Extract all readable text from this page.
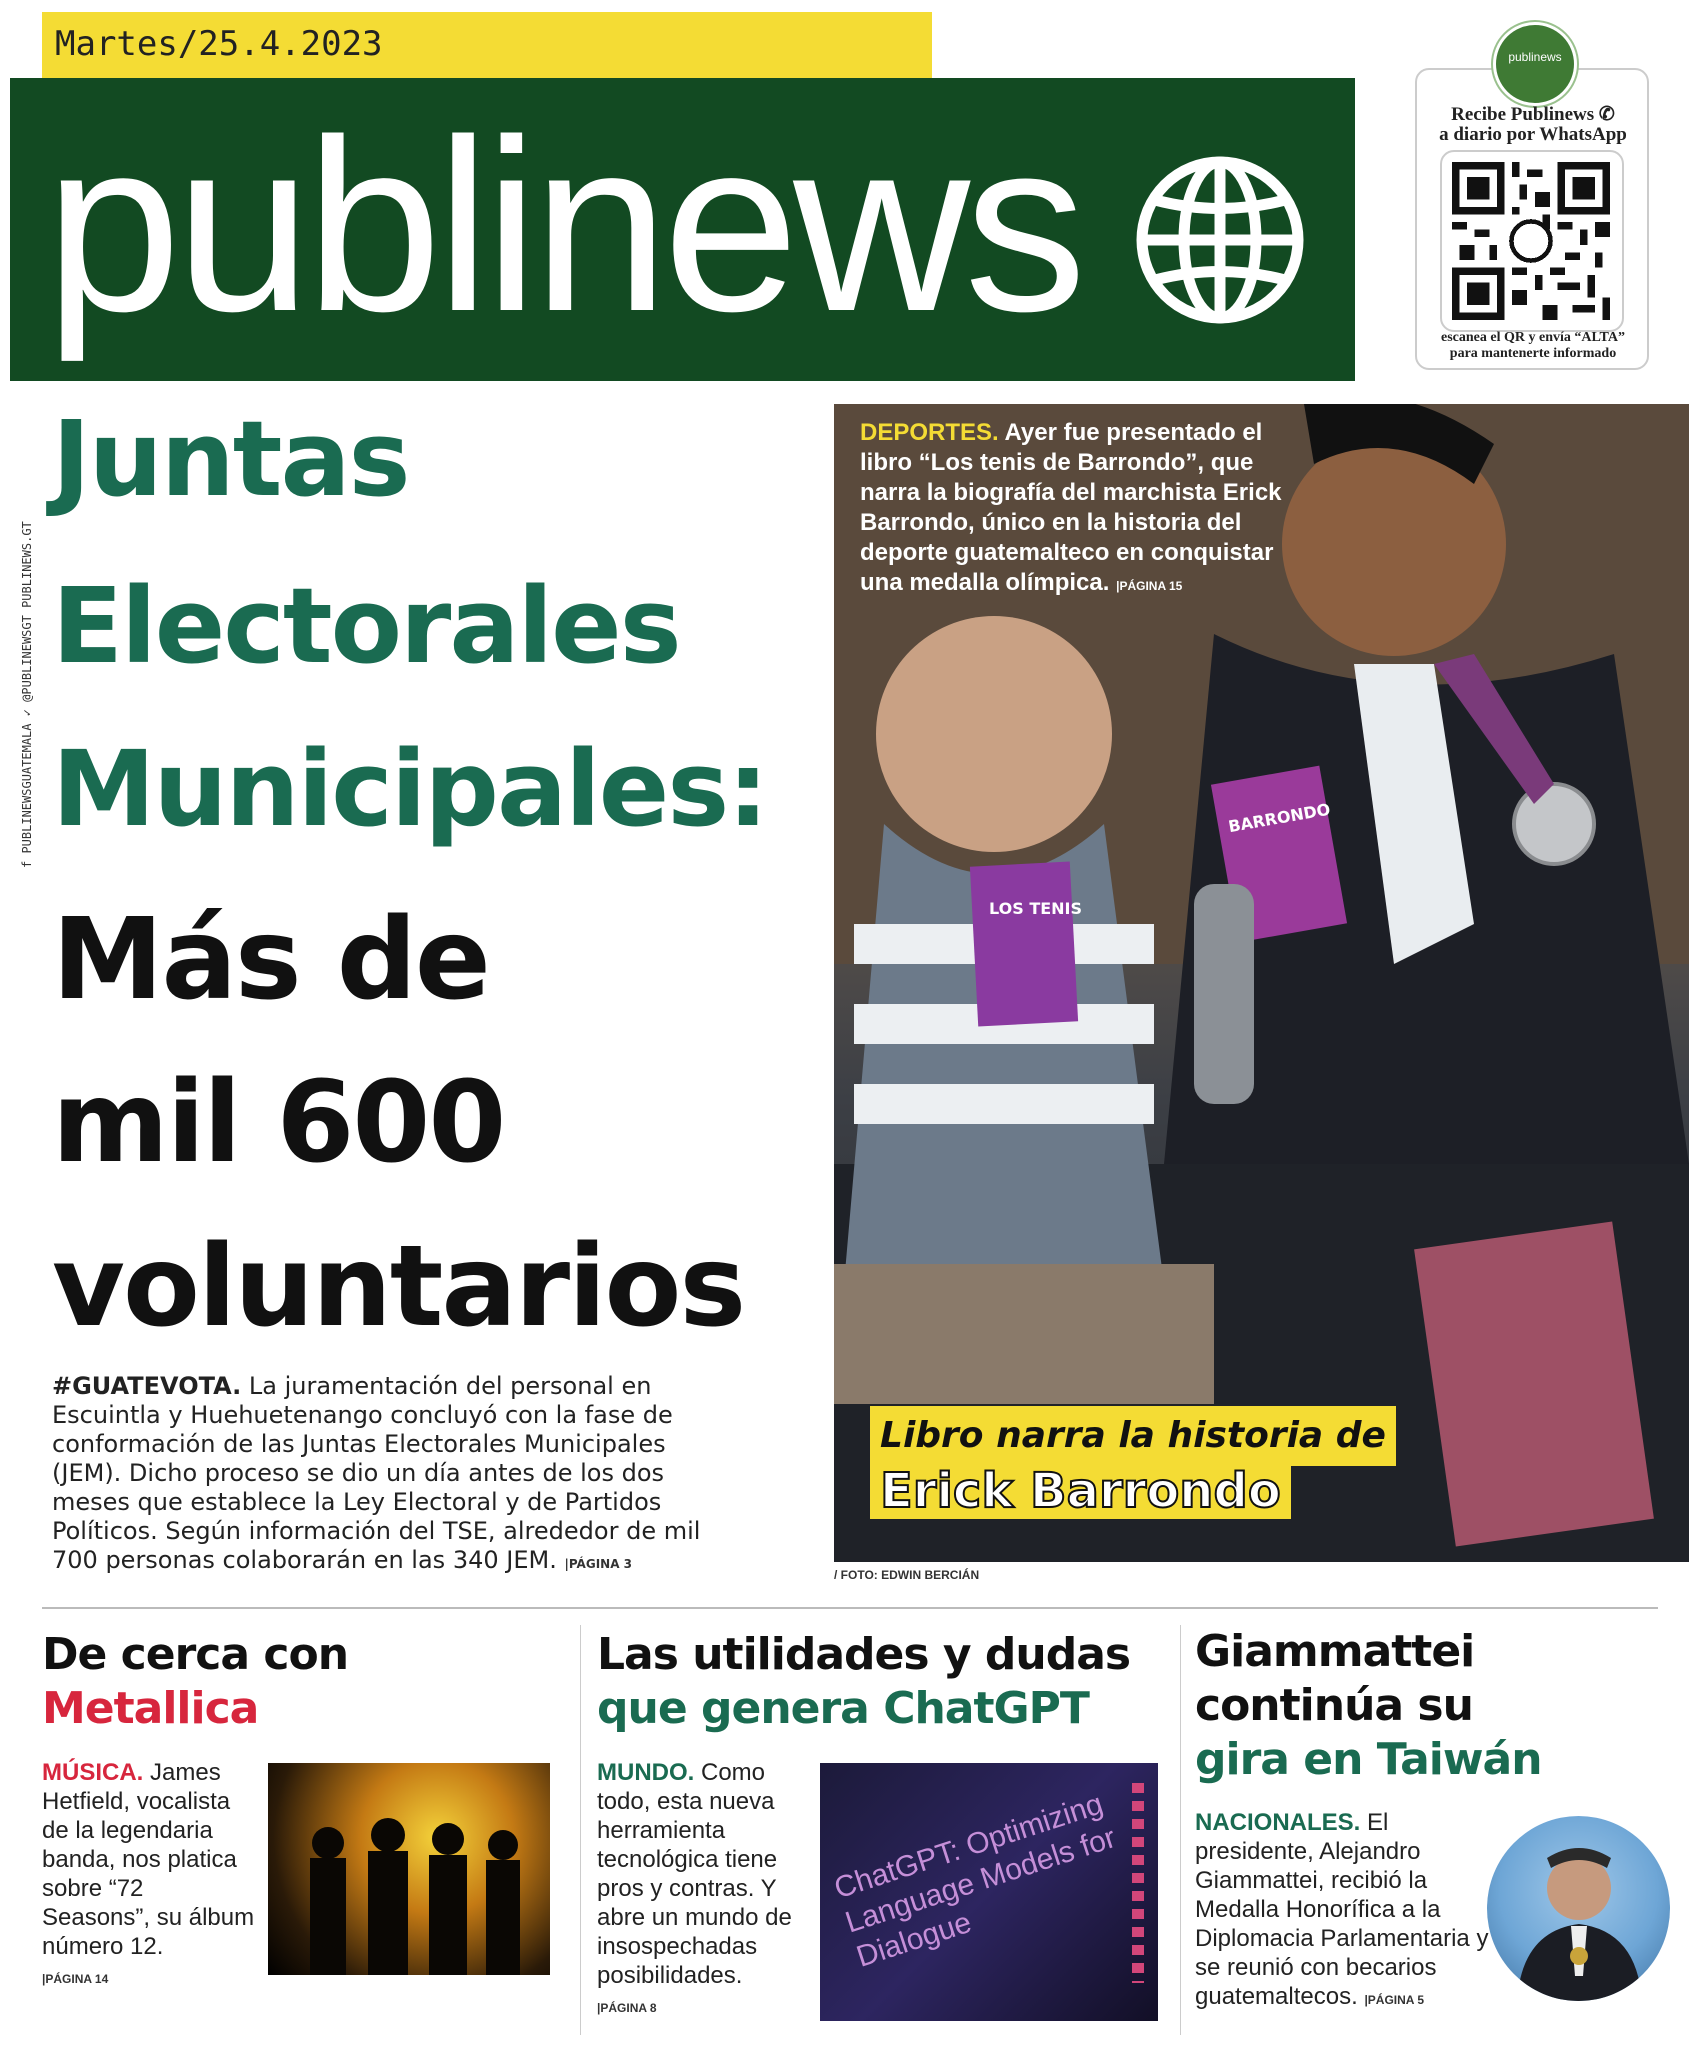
Martes/25.4.2023
publinews
publinews
Recibe Publinews ✆
a diario por WhatsApp
escanea el QR y envía “ALTA”
para mantenerte informado
f PUBLINEWSGUATEMALA ✓ @PUBLINEWSGT PUBLINEWS.GT
Juntas
Electorales
Municipales:
Más de
mil 600
voluntarios
#GUATEVOTA. La juramentación del personal en Escuintla y Huehuetenango concluyó con la fase de conformación de las Juntas Electorales Municipales (JEM). Dicho proceso se dio un día antes de los dos meses que establece la Ley Electoral y de Partidos Políticos. Según información del TSE, alrededor de mil 700 personas colaborarán en las 340 JEM. |PÁGINA 3
LOS TENIS
BARRONDO
DEPORTES. Ayer fue presentado el libro “Los tenis de Barrondo”, que narra la biografía del marchista Erick Barrondo, único en la historia del deporte guatemalteco en conquistar una medalla olímpica. |PÁGINA 15
Libro narra la historia de
Erick Barrondo
/ FOTO: EDWIN BERCIÁN
De cerca con
Metallica
MÚSICA. James Hetfield, vocalista de la legendaria banda, nos platica sobre “72 Seasons”, su álbum número 12.
|PÁGINA 14
Las utilidades y dudas
que genera ChatGPT
MUNDO. Como todo, esta nueva herramienta tecnológica tiene pros y contras. Y abre un mundo de insospechadas posibilidades.
|PÁGINA 8
ChatGPT: Optimizing Language Models for Dialogue
Giammattei
continúa su
gira en Taiwán
NACIONALES. El presidente, Alejandro Giammattei, recibió la Medalla Honorífica a la Diplomacia Parlamentaria y se reunió con becarios guatemaltecos. |PÁGINA 5
